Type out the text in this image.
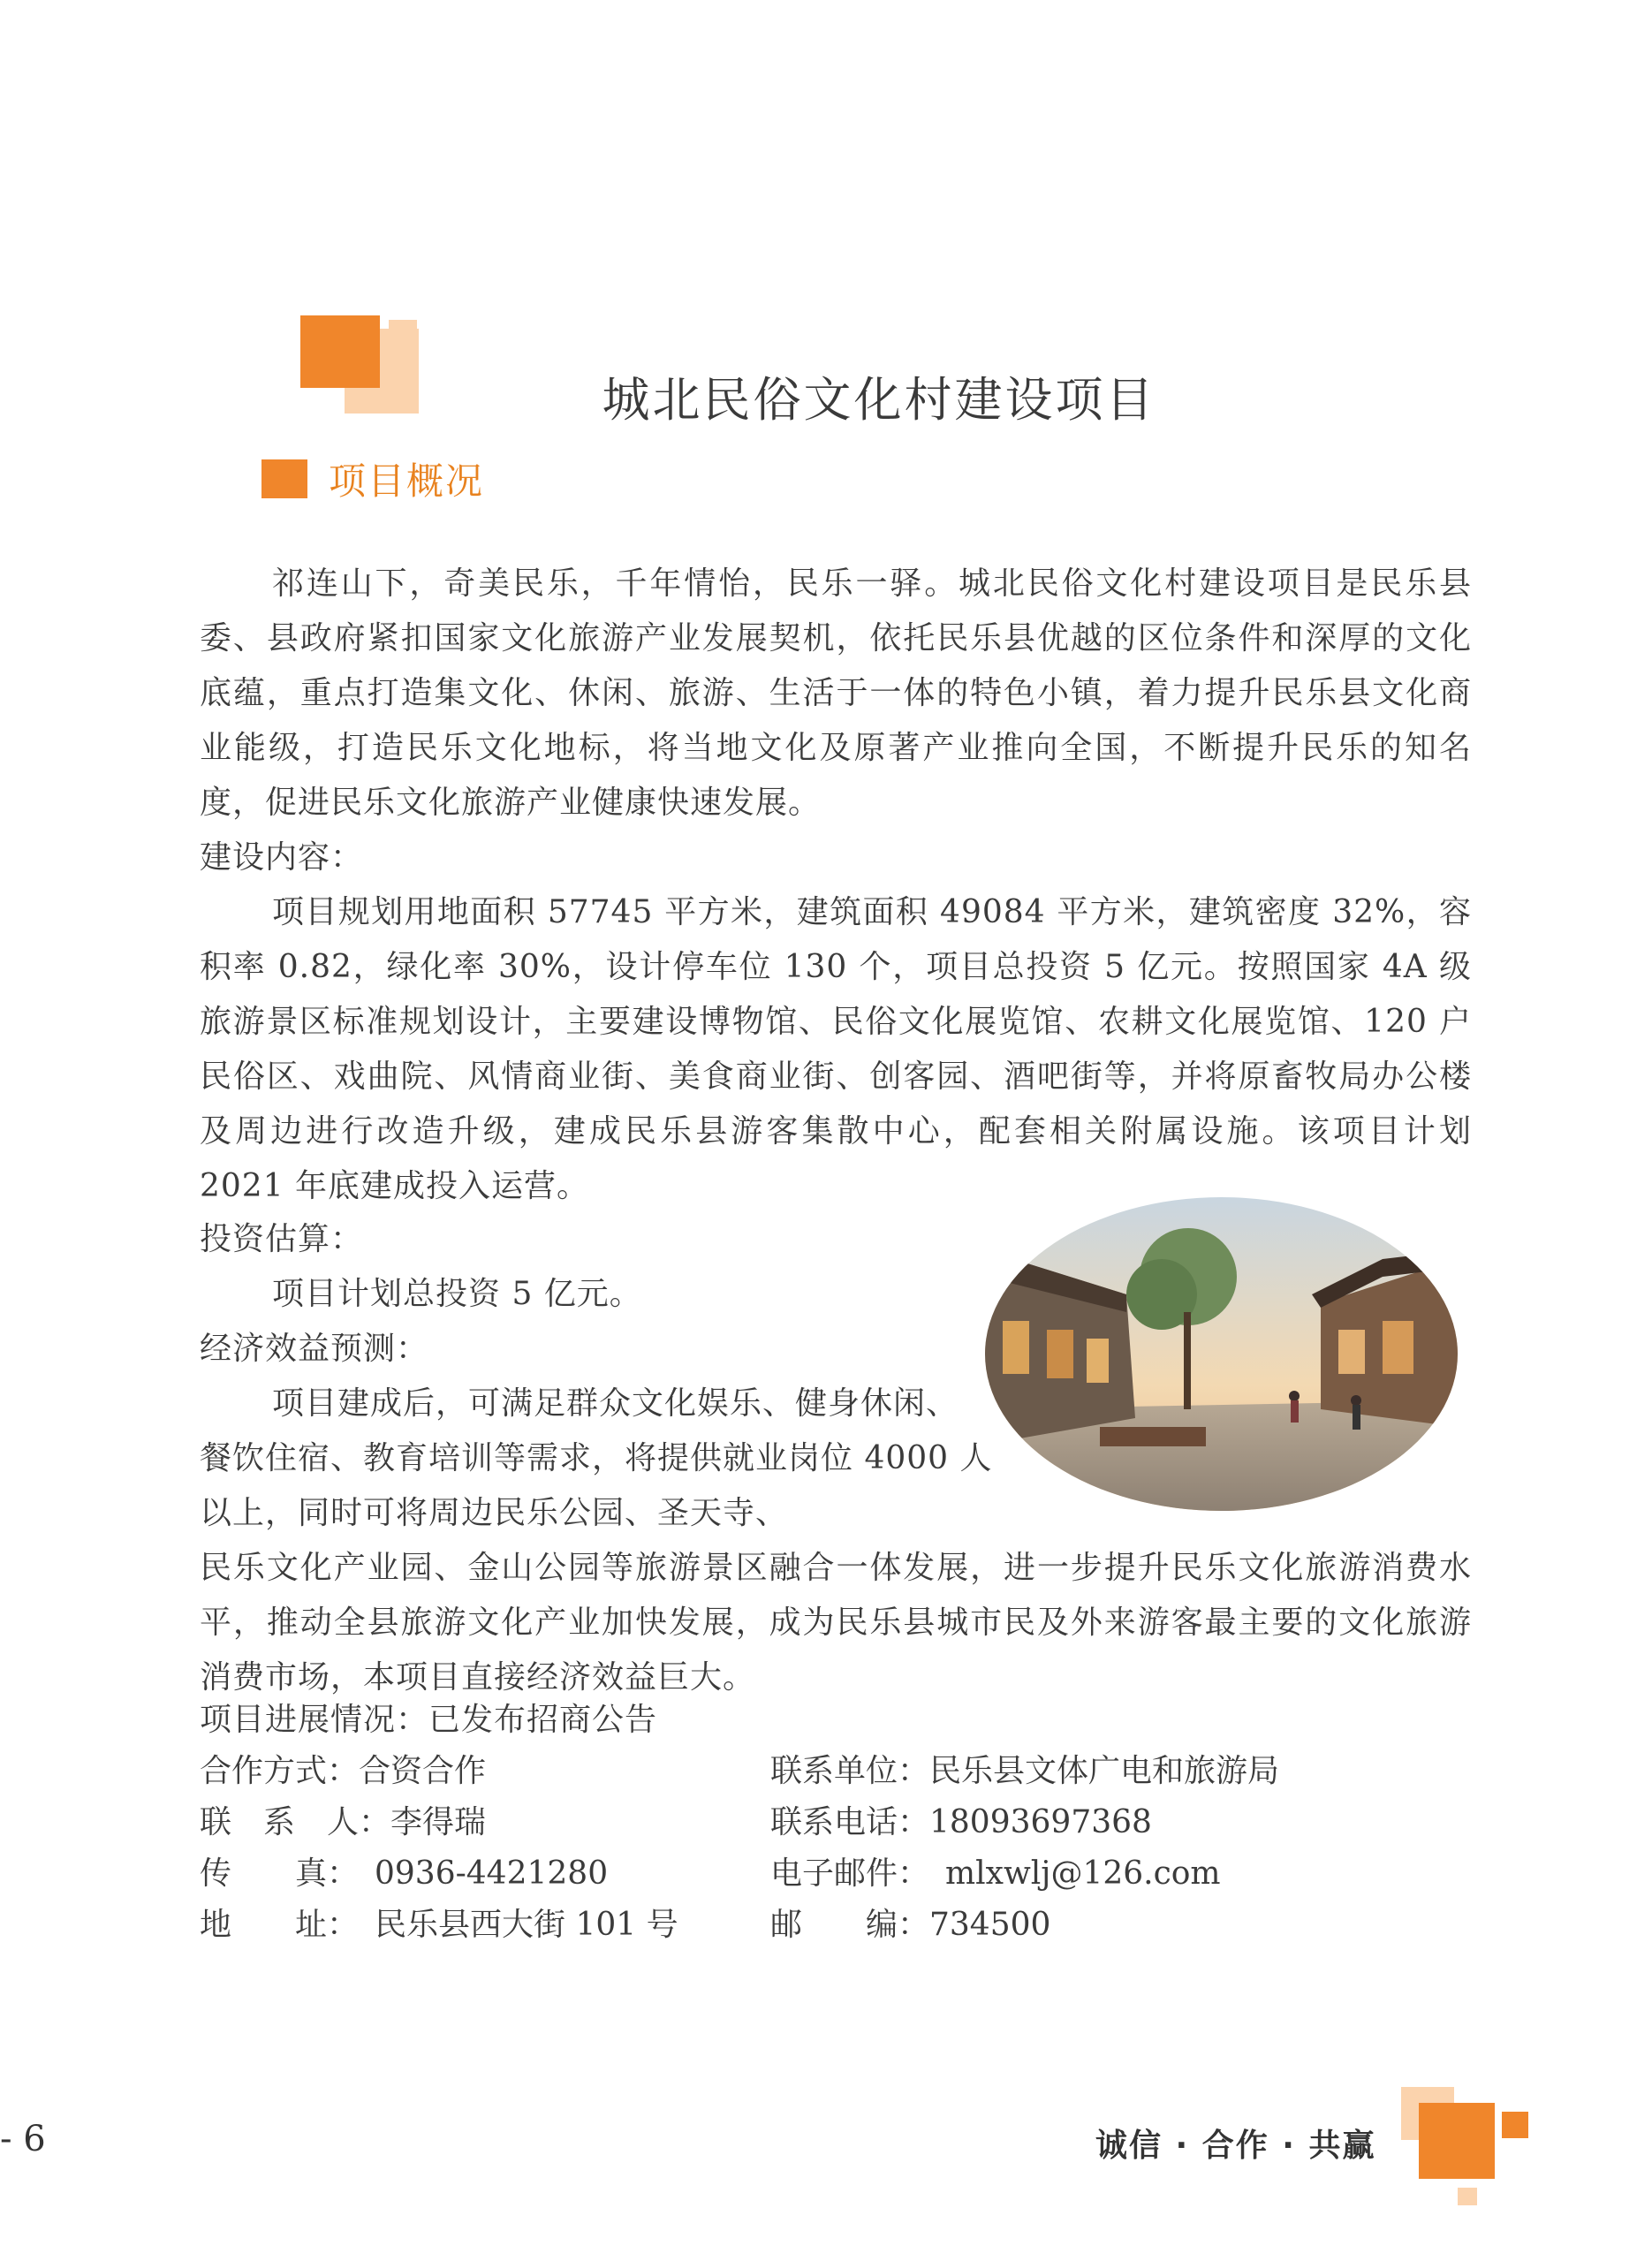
城北民俗文化村建设项目
项目概况
祁连山下，奇美民乐，千年情怡，民乐一驿。城北民俗文化村建设项目是民乐县委、县政府紧扣国家文化旅游产业发展契机，依托民乐县优越的区位条件和深厚的文化底蕴，重点打造集文化、休闲、旅游、生活于一体的特色小镇，着力提升民乐县文化商业能级，打造民乐文化地标，将当地文化及原著产业推向全国，不断提升民乐的知名度，促进民乐文化旅游产业健康快速发展。
建设内容：
项目规划用地面积 57745 平方米，建筑面积 49084 平方米，建筑密度 32%，容积率 0.82，绿化率 30%，设计停车位 130 个，项目总投资 5 亿元。按照国家 4A 级旅游景区标准规划设计，主要建设博物馆、民俗文化展览馆、农耕文化展览馆、120 户民俗区、戏曲院、风情商业街、美食商业街、创客园、酒吧街等，并将原畜牧局办公楼及周边进行改造升级，建成民乐县游客集散中心，配套相关附属设施。该项目计划 2021 年底建成投入运营。
投资估算：
项目计划总投资 5 亿元。
经济效益预测：
项目建成后，可满足群众文化娱乐、健身休闲、
餐饮住宿、教育培训等需求，将提供就业岗位 4000 人
以上，同时可将周边民乐公园、圣天寺、
民乐文化产业园、金山公园等旅游景区融合一体发展，进一步提升民乐文化旅游消费水平，推动全县旅游文化产业加快发展，成为民乐县城市民及外来游客最主要的文化旅游消费市场，本项目直接经济效益巨大。
项目进展情况：已发布招商公告
合作方式：合资合作	联系单位：民乐县文体广电和旅游局
联　系　人：李得瑞	联系电话：18093697368
传　　真：　0936-4421280	电子邮件：　mlxwlj@126.com
地　　址：　民乐县西大街 101 号	邮　　编：734500
- 6	诚信 · 合作 · 共赢
